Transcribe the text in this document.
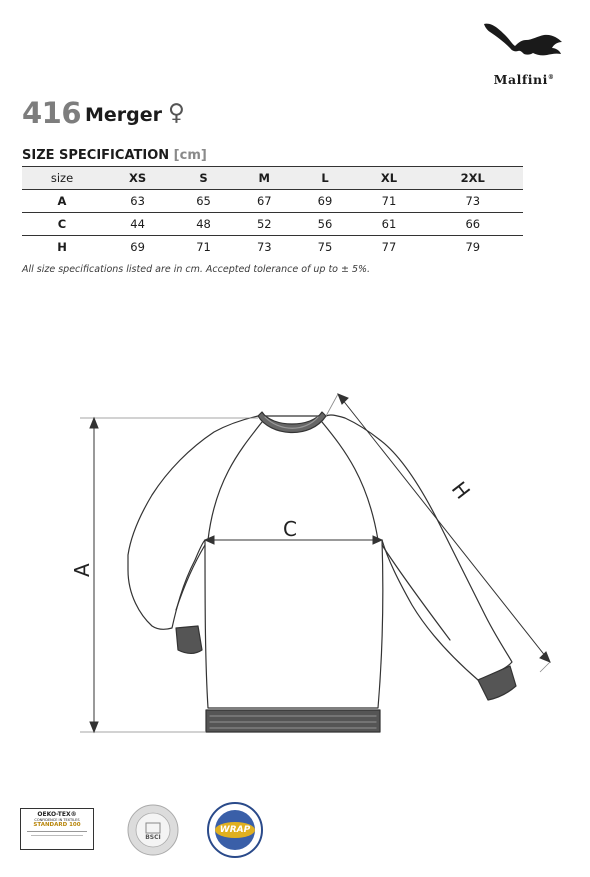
Malfini®
416 Merger ♀
SIZE SPECIFICATION [cm]
size	XS	S	M	L	XL	2XL
A	63	65	67	69	71	73
C	44	48	52	56	61	66
H	69	71	73	75	77	79
All size specifications listed are in cm. Accepted tolerance of up to ± 5%.
A
C
H
OEKO-TEX®
CONFIDENCE IN TEXTILES
STANDARD 100
BSCI
WRAP
